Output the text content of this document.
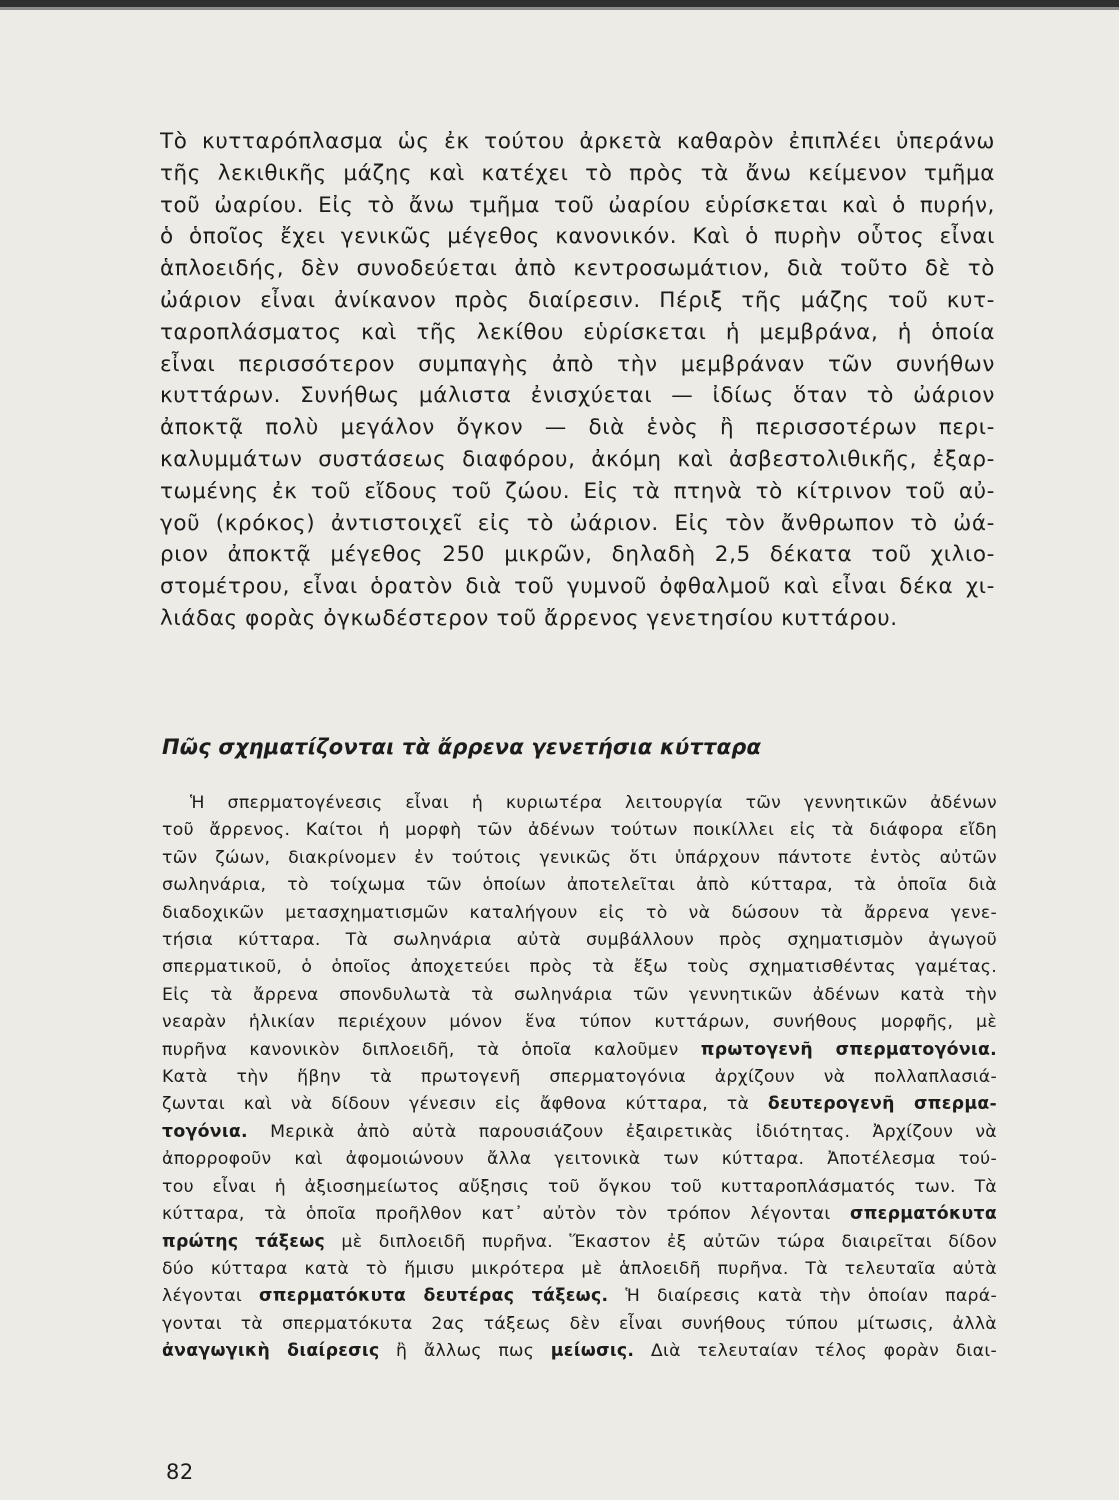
Τὸ κυτταρόπλασμα ὡς ἐκ τούτου ἀρκετὰ καθαρὸν ἐπιπλέει ὑπεράνω
τῆς λεκιθικῆς μάζης καὶ κατέχει τὸ πρὸς τὰ ἄνω κείμενον τμῆμα
τοῦ ὠαρίου. Εἰς τὸ ἄνω τμῆμα τοῦ ὠαρίου εὑρίσκεται καὶ ὁ πυρήν,
ὁ ὁποῖος ἔχει γενικῶς μέγεθος κανονικόν. Καὶ ὁ πυρὴν οὗτος εἶναι
ἁπλοειδής, δὲν συνοδεύεται ἀπὸ κεντροσωμάτιον, διὰ τοῦτο δὲ τὸ
ὠάριον εἶναι ἀνίκανον πρὸς διαίρεσιν. Πέριξ τῆς μάζης τοῦ κυτ-
ταροπλάσματος καὶ τῆς λεκίθου εὑρίσκεται ἡ μεμβράνα, ἡ ὁποία
εἶναι περισσότερον συμπαγὴς ἀπὸ τὴν μεμβράναν τῶν συνήθων
κυττάρων. Συνήθως μάλιστα ἐνισχύεται — ἰδίως ὅταν τὸ ὠάριον
ἀποκτᾷ πολὺ μεγάλον ὄγκον — διὰ ἑνὸς ἢ περισσοτέρων περι-
καλυμμάτων συστάσεως διαφόρου, ἀκόμη καὶ ἀσβεστολιθικῆς, ἐξαρ-
τωμένης ἐκ τοῦ εἴδους τοῦ ζώου. Εἰς τὰ πτηνὰ τὸ κίτρινον τοῦ αὐ-
γοῦ (κρόκος) ἀντιστοιχεῖ εἰς τὸ ὠάριον. Εἰς τὸν ἄνθρωπον τὸ ὠά-
ριον ἀποκτᾷ μέγεθος 250 μικρῶν, δηλαδὴ 2,5 δέκατα τοῦ χιλιο-
στομέτρου, εἶναι ὁρατὸν διὰ τοῦ γυμνοῦ ὀφθαλμοῦ καὶ εἶναι δέκα χι-
λιάδας φορὰς ὀγκωδέστερον τοῦ ἄρρενος γενετησίου κυττάρου.
Πῶς σχηματίζονται τὰ ἄρρενα γενετήσια κύτταρα
Ἡ σπερματογένεσις εἶναι ἡ κυριωτέρα λειτουργία τῶν γεννητικῶν ἀδένων
τοῦ ἄρρενος. Καίτοι ἡ μορφὴ τῶν ἀδένων τούτων ποικίλλει εἰς τὰ διάφορα εἴδη
τῶν ζώων, διακρίνομεν ἐν τούτοις γενικῶς ὅτι ὑπάρχουν πάντοτε ἐντὸς αὐτῶν
σωληνάρια, τὸ τοίχωμα τῶν ὁποίων ἀποτελεῖται ἀπὸ κύτταρα, τὰ ὁποῖα διὰ
διαδοχικῶν μετασχηματισμῶν καταλήγουν εἰς τὸ νὰ δώσουν τὰ ἄρρενα γενε-
τήσια κύτταρα. Τὰ σωληνάρια αὐτὰ συμβάλλουν πρὸς σχηματισμὸν ἀγωγοῦ
σπερματικοῦ, ὁ ὁποῖος ἀποχετεύει πρὸς τὰ ἔξω τοὺς σχηματισθέντας γαμέτας.
Εἰς τὰ ἄρρενα σπονδυλωτὰ τὰ σωληνάρια τῶν γεννητικῶν ἀδένων κατὰ τὴν
νεαρὰν ἡλικίαν περιέχουν μόνον ἕνα τύπον κυττάρων, συνήθους μορφῆς, μὲ
πυρῆνα κανονικὸν διπλοειδῆ, τὰ ὁποῖα καλοῦμεν πρωτογενῆ σπερματογόνια.
Κατὰ τὴν ἥβην τὰ πρωτογενῆ σπερματογόνια ἀρχίζουν νὰ πολλαπλασιά-
ζωνται καὶ νὰ δίδουν γένεσιν εἰς ἄφθονα κύτταρα, τὰ δευτερογενῆ σπερμα-
τογόνια. Μερικὰ ἀπὸ αὐτὰ παρουσιάζουν ἐξαιρετικὰς ἰδιότητας. Ἀρχίζουν νὰ
ἀπορροφοῦν καὶ ἀφομοιώνουν ἄλλα γειτονικὰ των κύτταρα. Ἀποτέλεσμα τού-
του εἶναι ἡ ἀξιοσημείωτος αὔξησις τοῦ ὄγκου τοῦ κυτταροπλάσματός των. Τὰ
κύτταρα, τὰ ὁποῖα προῆλθον κατ᾽ αὐτὸν τὸν τρόπον λέγονται σπερματόκυτα
πρώτης τάξεως μὲ διπλοειδῆ πυρῆνα. Ἕκαστον ἐξ αὐτῶν τώρα διαιρεῖται δίδον
δύο κύτταρα κατὰ τὸ ἥμισυ μικρότερα μὲ ἁπλοειδῆ πυρῆνα. Τὰ τελευταῖα αὐτὰ
λέγονται σπερματόκυτα δευτέρας τάξεως. Ἡ διαίρεσις κατὰ τὴν ὁποίαν παρά-
γονται τὰ σπερματόκυτα 2ας τάξεως δὲν εἶναι συνήθους τύπου μίτωσις, ἀλλὰ
ἀναγωγικὴ διαίρεσις ἢ ἄλλως πως μείωσις. Διὰ τελευταίαν τέλος φορὰν διαι-
82
